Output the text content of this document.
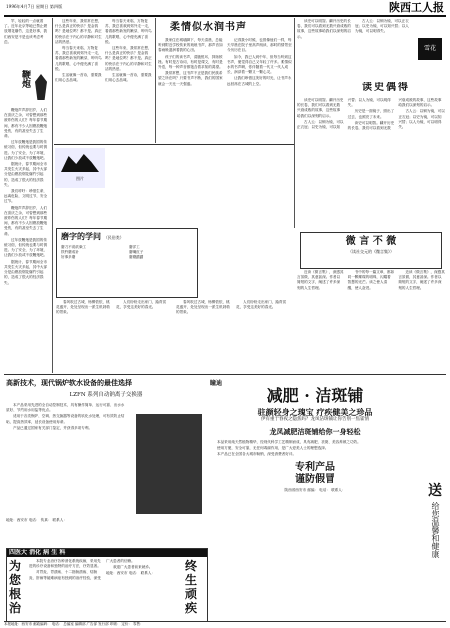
1996年4月7日 星期日 第四版	陕西工人报

竿，轻轻的一点就着了。近年北京等地已禁止燃放烟花爆竹，这是好事，我们西安是不是也该考虑考虑。

鞭炮

鞭炮声声辞旧岁，人们在喜庆之余，可曾想到那些被炸伤的人们？每年春节期间，都有不少人因燃放鞭炮受伤，有的甚至失去了生命。

过年放鞭炮是我国的传统习俗，但传统也要与时俱进。为了安全，为了环境，让我们少放或不放鞭炮吧。

据统计，春节期间全市共发生火灾多起，其中大部分是由燃放烟花爆竹引起的，造成了很大的经济损失。

我们呼吁：珍惜生命，远离危险，文明过节，安全过节。

鞭炮声声辞旧岁，人们在喜庆之余，可曾想到那些被炸伤的人们？每年春节期间，都有不少人因燃放鞭炮受伤，有的甚至失去了生命。

过年放鞭炮是我国的传统习俗，但传统也要与时俱进。为了安全，为了环境，让我们少放或不放鞭炮吧。

据统计，春节期间全市共发生火灾多起，其中大部分是由燃放烟花爆竹引起的，造成了很大的经济损失。

这些年来，我常常在想，什么是真正的快乐？是金钱吗？是地位吗？都不是。真正的快乐在于内心的平静和对生活的热爱。

每当春天来临，万物复苏，我总喜欢到郊外走一走，看看那些新发的嫩芽，听听鸟儿的歌唱，心中便充满了喜悦。

生活就像一首诗，需要我们用心去品味。

每当春天来临，万物复苏，我总喜欢到郊外走一走，看看那些新发的嫩芽，听听鸟儿的歌唱，心中便充满了喜悦。

这些年来，我常常在想，什么是真正的快乐？是金钱吗？是地位吗？都不是。真正的快乐在于内心的平静和对生活的热爱。

生活就像一首诗，需要我们用心去品味。

柔情似水润书声

我家住在城墙脚下，每天清晨，总能听到附近学校传来的琅琅书声，那声音如春雨般滋润着我的心田。

孩子们的读书声，清脆悦耳，抑扬顿挫。有时是古诗词，有时是课文，有时是外语，每一种声音都饱含着求知的渴望。

我常常想，这书声不正是我们民族希望之所在吗？只要书声不断，我们的国家就会一天比一天强盛。

记得我小时候，也曾像他们一样，每天早晨在院子里高声朗读，那时的情景至今历历在目。

如今，我已人到中年，但每当听到这书声，便觉得自己又年轻了许多。柔情似水的书声啊，你伴随着一代又一代人成长，润泽着一颗又一颗心灵。

让我们珍惜这美好的时光，让书声永远回荡在古城的上空。

读史可以明智。翻开历史的长卷，我们可以看到无数兴衰成败的故事，这些故事给我们以深刻的启示。

古人云：以铜为镜，可以正衣冠；以史为镜，可以知兴替；以人为镜，可以明得失。

雪花
读史偶得

读史可以明智。翻开历史的长卷，我们可以看到无数兴衰成败的故事，这些故事给我们以深刻的启示。

古人云：以铜为镜，可以正衣冠；以史为镜，可以知兴替；以人为镜，可以明得失。

历史是一面镜子，照出了过去，也照亮了未来。

读史可以明智。翻开历史的长卷，我们可以看到无数兴衰成败的故事，这些故事给我们以深刻的启示。

古人云：以铜为镜，可以正衣冠；以史为镜，可以知兴替；以人为镜，可以明得失。

图片
磨字的学问 （民俗类）
磨刀不误砍柴工
铁杵磨成针
好事多磨
磨洋工
磨嘴皮子
磨磨蹭蹭
微 言 不 微
（读社交元的《微言集》）

近读《微言集》，深感其言虽微，其意甚深。作者以简短的文字，阐述了许多深刻的人生哲理。

书中的每一篇文章，都如同一颗璀璨的明珠，闪耀着智慧的光芒。读之使人清醒，使人奋进。

近读《微言集》，深感其言虽微，其意甚深。作者以简短的文字，阐述了许多深刻的人生哲理。

春风吹过古城，杨柳依依，桃花盛开，处处呈现出一派生机勃勃的景象。

人们纷纷走出家门，踏青赏花，享受这美好的春光。

春风吹过古城，杨柳依依，桃花盛开，处处呈现出一派生机勃勃的景象。

人们纷纷走出家门，踏青赏花，享受这美好的春光。

高新技术，现代锅炉软水设备的最佳选择
LZFN 系列自动钠离子交换器

本产品采用先进的全自动控制技术，具有操作简单、运行可靠、出水水质好、节约用水用盐等优点。

适用于各类锅炉、空调、热交换器等设备的软化水处理，可有效防止结垢，提高热效率，延长设备使用寿命。

产品已通过国家有关部门鉴定，并获得多项专利。

地址：西安市 电话： 传真： 联系人：
瞳迪
减肥 · 洁斑铺
驻颜轻身之瑰宝 疗疾健美之珍品
伊有重于春夜之隐焦吗？龙凤洁斑铺让你告别一焦霍情
龙凤减肥洁斑铺给你一身轻松

本品采用纯天然植物精华，经现代科学工艺精制而成，具有减肥、祛斑、美容养颜之功效。

使用方便，安全可靠，无任何毒副作用，是广大爱美人士的理想选择。

本产品已在全国各大城市畅销，深受消费者好评。

专利产品
谨防假冒
陕西省西安市 邮编： 电话： 联系人：	送
给您温馨和健康
四医大 消化 病 生 科
为
您
根
治

本院专业治疗各种消化系统疾病，采用先进的诊疗设备和独特的治疗方法，疗效显著。

对胃炎、胃溃疡、十二指肠溃疡、结肠炎、肝病等疑难病症有独到的治疗经验，深受广大患者的信赖。

欢迎广大患者前来就诊。

地址：西安市 电话： 联系人：
终
生
顽
疾
本报地址：西安市 邮政编码： 电话： 总编室 编辑部 广告部 发行部 印刷： 定价： 零售：
